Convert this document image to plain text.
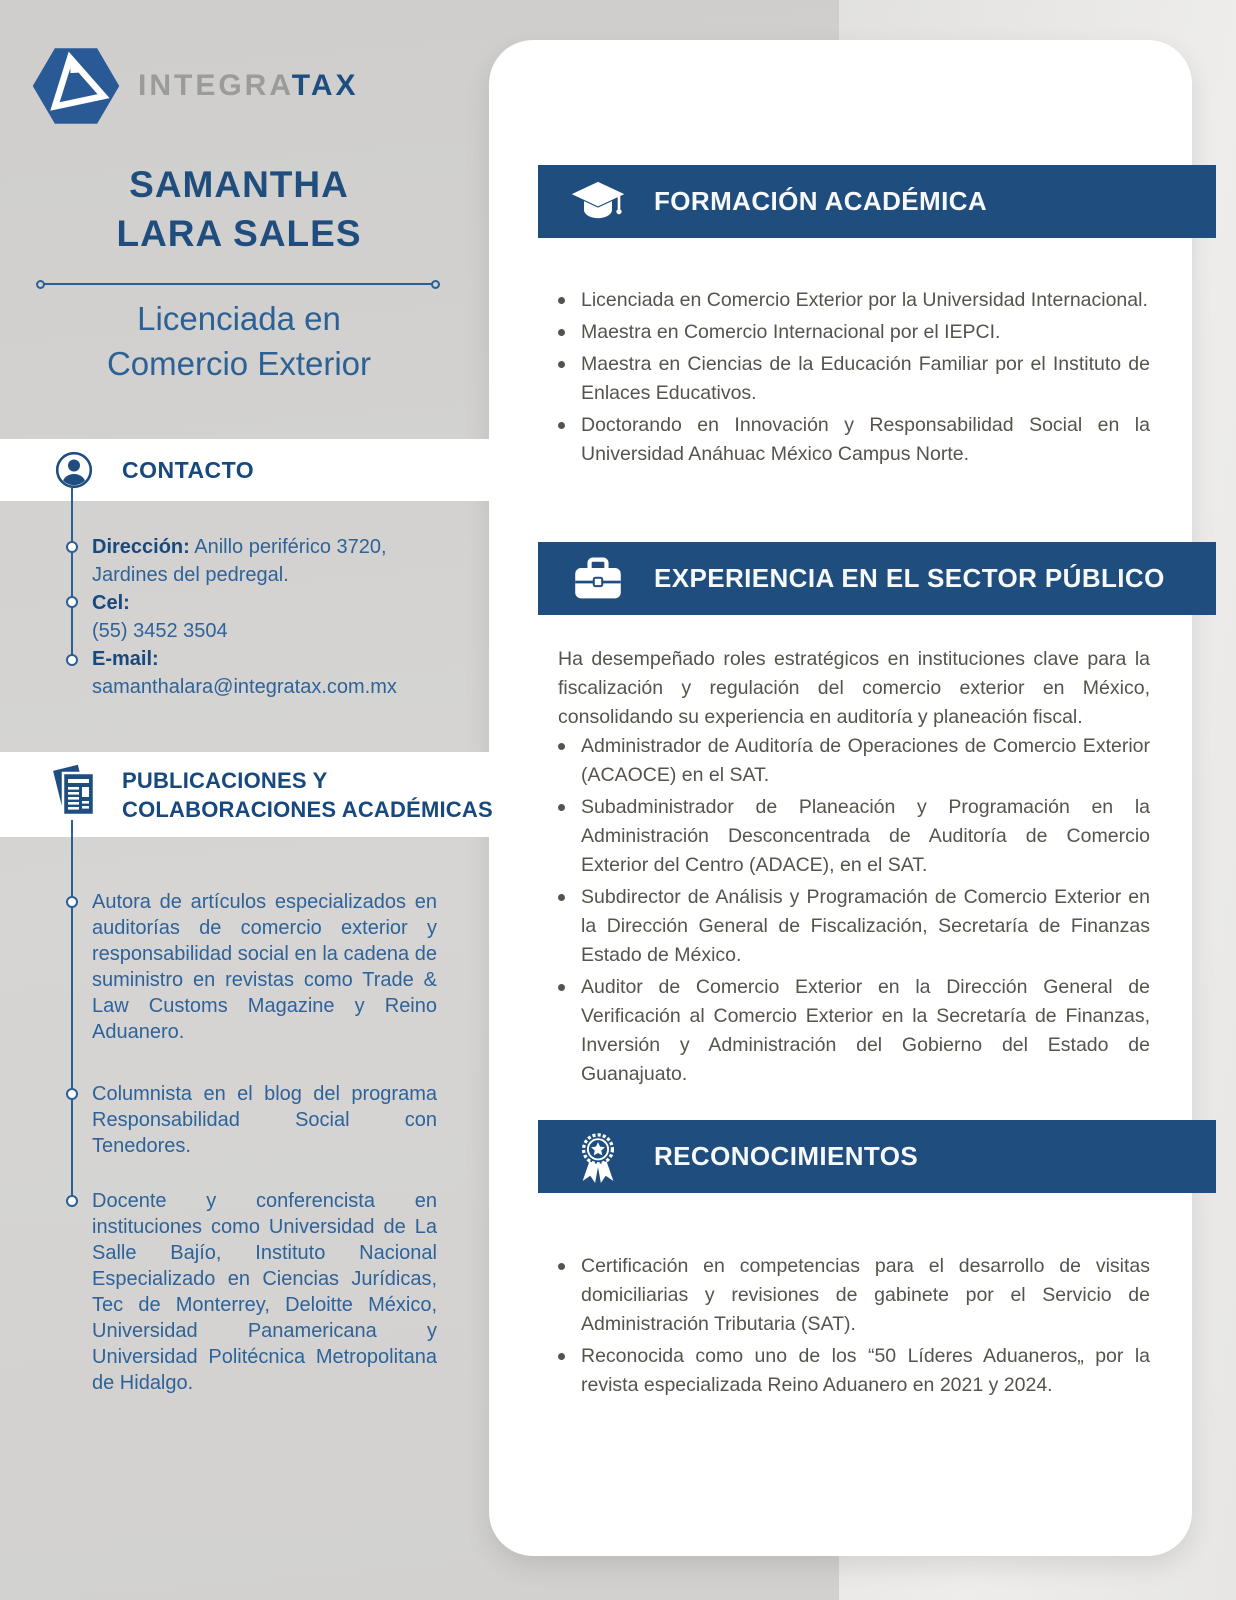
INTEGRATAX
SAMANTHA
LARA SALES
Licenciada en
Comercio Exterior
CONTACTO
Dirección: Anillo periférico 3720, Jardines del pedregal.
Cel:
(55) 3452 3504
E-mail:
samanthalara@integratax.com.mx
PUBLICACIONES Y
COLABORACIONES ACADÉMICAS
Autora de artículos especializados en auditorías de comercio exterior y responsabilidad social en la cadena de suministro en revistas como Trade & Law Customs Magazine y Reino Aduanero.
Columnista en el blog del programa Responsabilidad Social con Tenedores.
Docente y conferencista en instituciones como Universidad de La Salle Bajío, Instituto Nacional Especializado en Ciencias Jurídicas, Tec de Monterrey, Deloitte México, Universidad Panamericana y Universidad Politécnica Metropolitana de Hidalgo.
FORMACIÓN ACADÉMICA
Licenciada en Comercio Exterior por la Universidad Internacional.
Maestra en Comercio Internacional por el IEPCI.
Maestra en Ciencias de la Educación Familiar por el Instituto de Enlaces Educativos.
Doctorando en Innovación y Responsabilidad Social en la Universidad Anáhuac México Campus Norte.
EXPERIENCIA EN EL SECTOR PÚBLICO

Ha desempeñado roles estratégicos en instituciones clave para la fiscalización y regulación del comercio exterior en México, consolidando su experiencia en auditoría y planeación fiscal.

Administrador de Auditoría de Operaciones de Comercio Exterior (ACAOCE) en el SAT.
Subadministrador de Planeación y Programación en la Administración Desconcentrada de Auditoría de Comercio Exterior del Centro (ADACE), en el SAT.
Subdirector de Análisis y Programación de Comercio Exterior en la Dirección General de Fiscalización, Secretaría de Finanzas Estado de México.
Auditor de Comercio Exterior en la Dirección General de Verificación al Comercio Exterior en la Secretaría de Finanzas, Inversión y Administración del Gobierno del Estado de Guanajuato.
RECONOCIMIENTOS
Certificación en competencias para el desarrollo de visitas domiciliarias y revisiones de gabinete por el Servicio de Administración Tributaria (SAT).
Reconocida como uno de los “50 Líderes Aduaneros„ por la revista especializada Reino Aduanero en 2021 y 2024.
